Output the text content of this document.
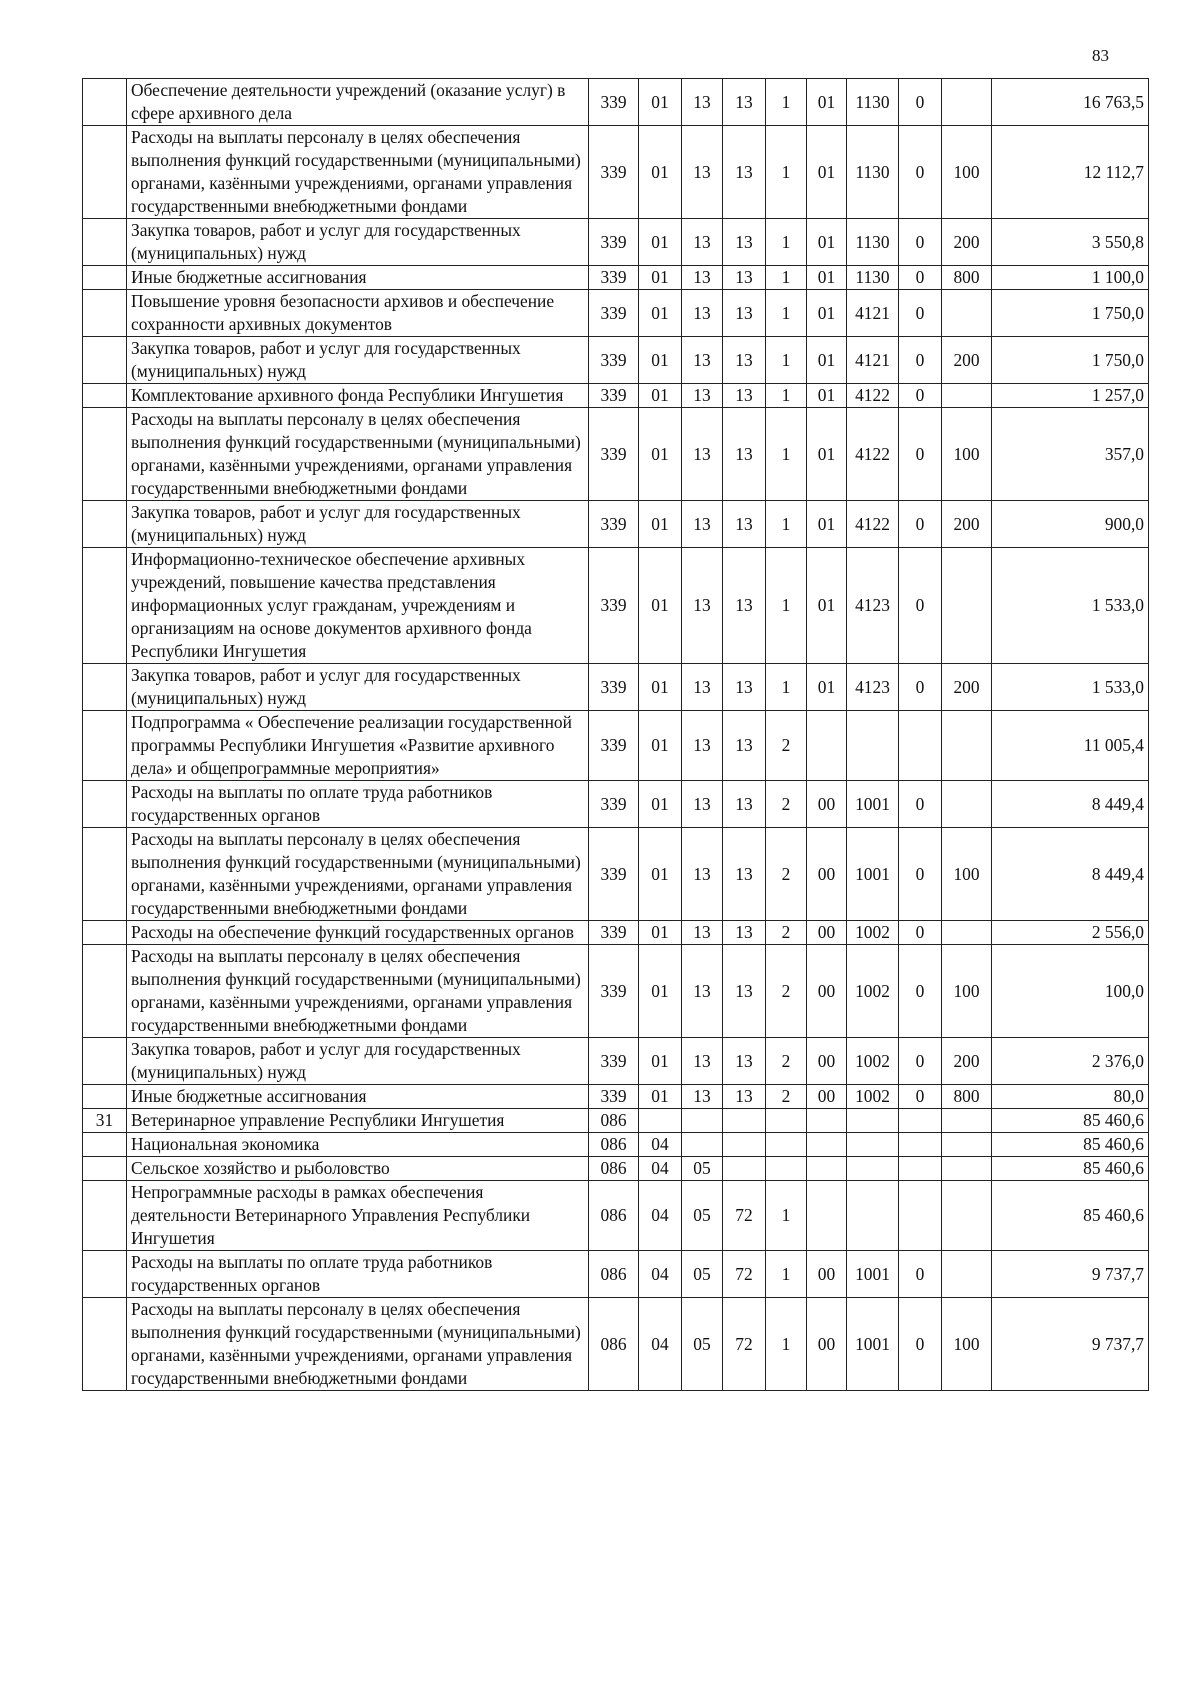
83
	Обеспечение деятельности учреждений (оказание услуг) в сфере архивного дела	339	01	13	13	1	01	1130	0		16 763,5
	Расходы на выплаты персоналу в целях обеспечения выполнения функций государственными (муниципальными) органами, казёнными учреждениями, органами управления государственными внебюджетными фондами	339	01	13	13	1	01	1130	0	100	12 112,7
	Закупка товаров, работ и услуг для государственных (муниципальных) нужд	339	01	13	13	1	01	1130	0	200	3 550,8
	Иные бюджетные ассигнования	339	01	13	13	1	01	1130	0	800	1 100,0
	Повышение уровня безопасности архивов и обеспечение сохранности архивных документов	339	01	13	13	1	01	4121	0		1 750,0
	Закупка товаров, работ и услуг для государственных (муниципальных) нужд	339	01	13	13	1	01	4121	0	200	1 750,0
	Комплектование архивного фонда Республики Ингушетия	339	01	13	13	1	01	4122	0		1 257,0
	Расходы на выплаты персоналу в целях обеспечения выполнения функций государственными (муниципальными) органами, казёнными учреждениями, органами управления государственными внебюджетными фондами	339	01	13	13	1	01	4122	0	100	357,0
	Закупка товаров, работ и услуг для государственных (муниципальных) нужд	339	01	13	13	1	01	4122	0	200	900,0
	Информационно-техническое обеспечение архивных учреждений, повышение качества представления информационных услуг гражданам, учреждениям и организациям на основе документов архивного фонда Республики Ингушетия	339	01	13	13	1	01	4123	0		1 533,0
	Закупка товаров, работ и услуг для государственных (муниципальных) нужд	339	01	13	13	1	01	4123	0	200	1 533,0
	Подпрограмма « Обеспечение реализации государственной программы Республики Ингушетия «Развитие архивного дела» и общепрограммные мероприятия»	339	01	13	13	2					11 005,4
	Расходы на выплаты по оплате труда работников государственных органов	339	01	13	13	2	00	1001	0		8 449,4
	Расходы на выплаты персоналу в целях обеспечения выполнения функций государственными (муниципальными) органами, казёнными учреждениями, органами управления государственными внебюджетными фондами	339	01	13	13	2	00	1001	0	100	8 449,4
	Расходы на обеспечение функций государственных органов	339	01	13	13	2	00	1002	0		2 556,0
	Расходы на выплаты персоналу в целях обеспечения выполнения функций государственными (муниципальными) органами, казёнными учреждениями, органами управления государственными внебюджетными фондами	339	01	13	13	2	00	1002	0	100	100,0
	Закупка товаров, работ и услуг для государственных (муниципальных) нужд	339	01	13	13	2	00	1002	0	200	2 376,0
	Иные бюджетные ассигнования	339	01	13	13	2	00	1002	0	800	80,0
31	Ветеринарное управление Республики Ингушетия	086									85 460,6
	Национальная экономика	086	04								85 460,6
	Сельское хозяйство и рыболовство	086	04	05							85 460,6
	Непрограммные расходы в рамках обеспечения деятельности Ветеринарного Управления Республики Ингушетия	086	04	05	72	1					85 460,6
	Расходы на выплаты по оплате труда работников государственных органов	086	04	05	72	1	00	1001	0		9 737,7
	Расходы на выплаты персоналу в целях обеспечения выполнения функций государственными (муниципальными) органами, казёнными учреждениями, органами управления государственными внебюджетными фондами	086	04	05	72	1	00	1001	0	100	9 737,7
